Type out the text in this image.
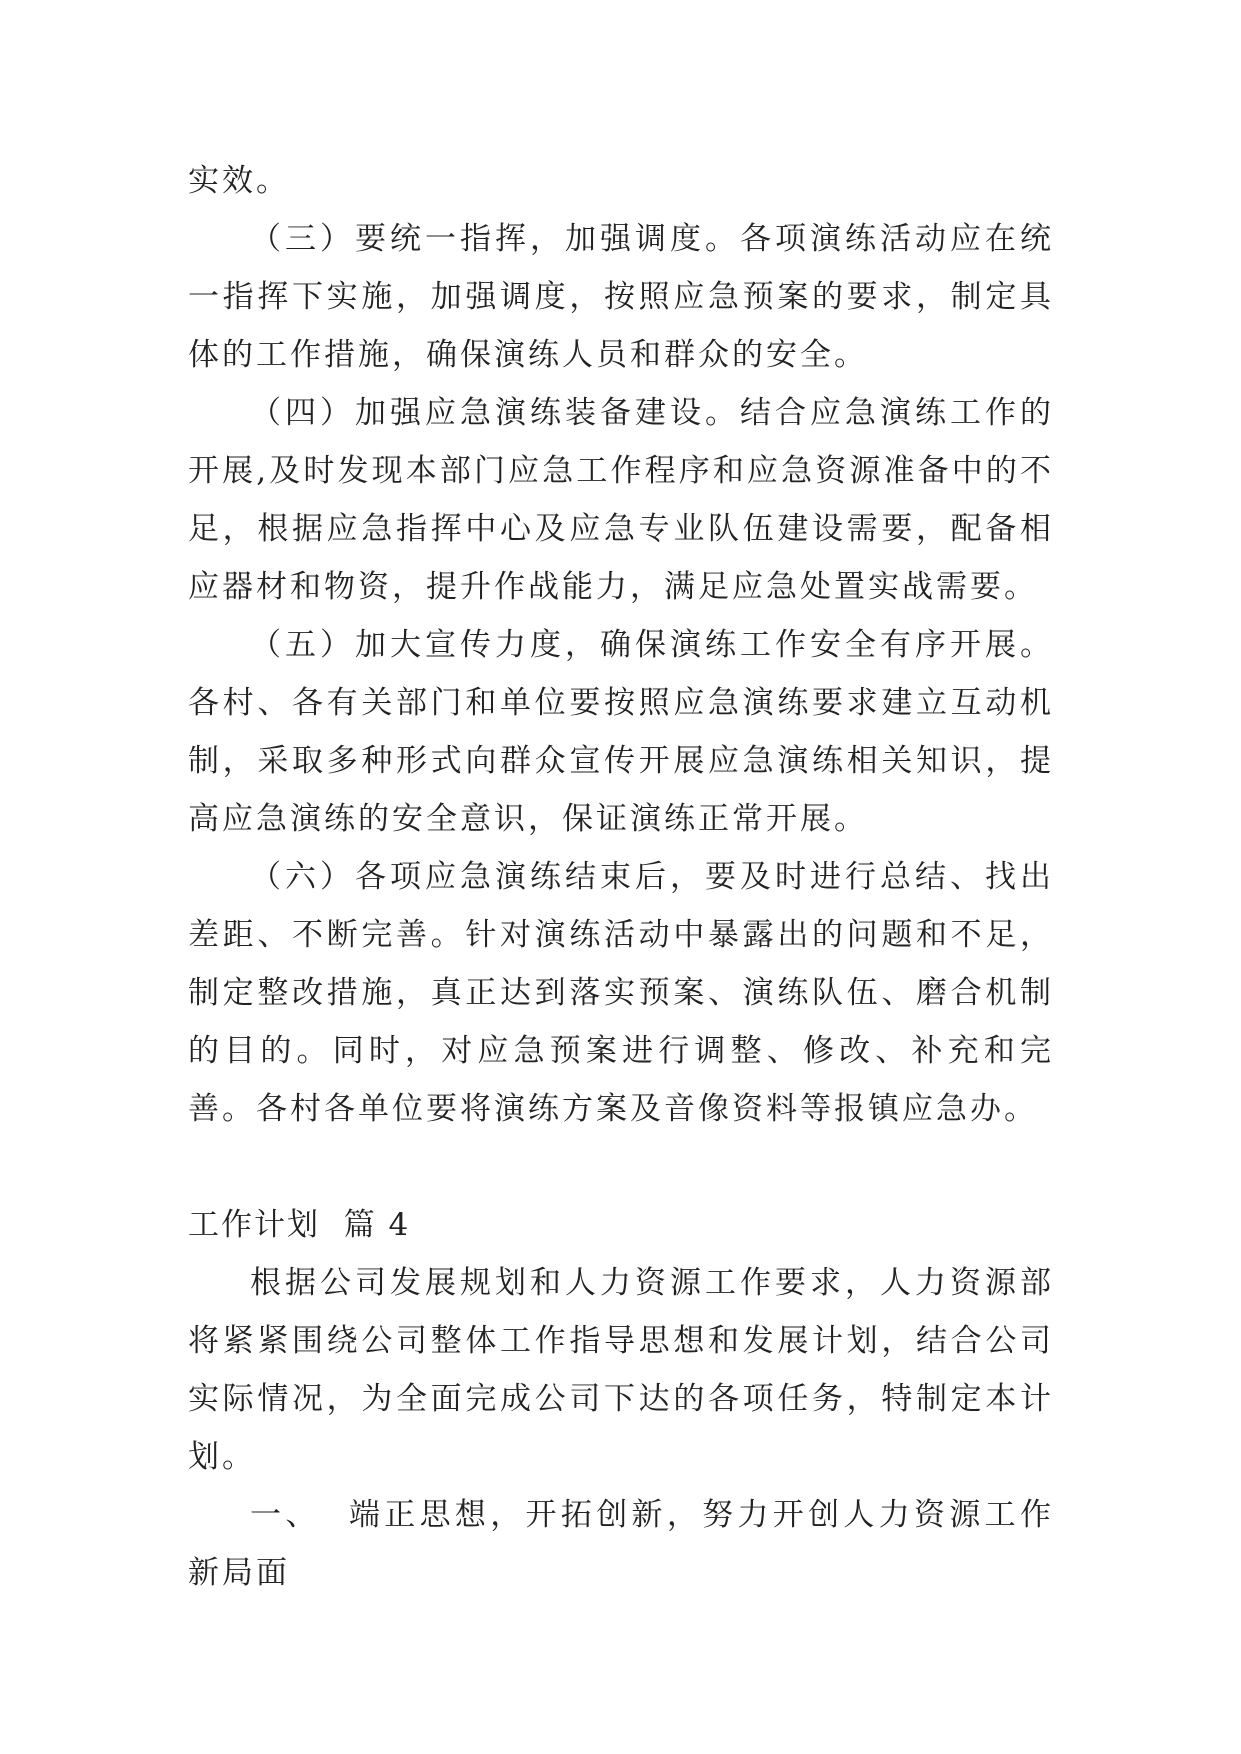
实效。

（三）要统一指挥，加强调度。各项演练活动应在统一指挥下实施，加强调度，按照应急预案的要求，制定具体的工作措施，确保演练人员和群众的安全。

（四）加强应急演练装备建设。结合应急演练工作的开展,及时发现本部门应急工作程序和应急资源准备中的不足，根据应急指挥中心及应急专业队伍建设需要，配备相应器材和物资，提升作战能力，满足应急处置实战需要。

（五）加大宣传力度，确保演练工作安全有序开展。各村、各有关部门和单位要按照应急演练要求建立互动机制，采取多种形式向群众宣传开展应急演练相关知识，提高应急演练的安全意识，保证演练正常开展。

（六）各项应急演练结束后，要及时进行总结、找出差距、不断完善。针对演练活动中暴露出的问题和不足，制定整改措施，真正达到落实预案、演练队伍、磨合机制的目的。同时，对应急预案进行调整、修改、补充和完善。各村各单位要将演练方案及音像资料等报镇应急办。

工作计划  篇 4

根据公司发展规划和人力资源工作要求，人力资源部将紧紧围绕公司整体工作指导思想和发展计划，结合公司实际情况，为全面完成公司下达的各项任务，特制定本计划。

一、  端正思想，开拓创新，努力开创人力资源工作新局面
